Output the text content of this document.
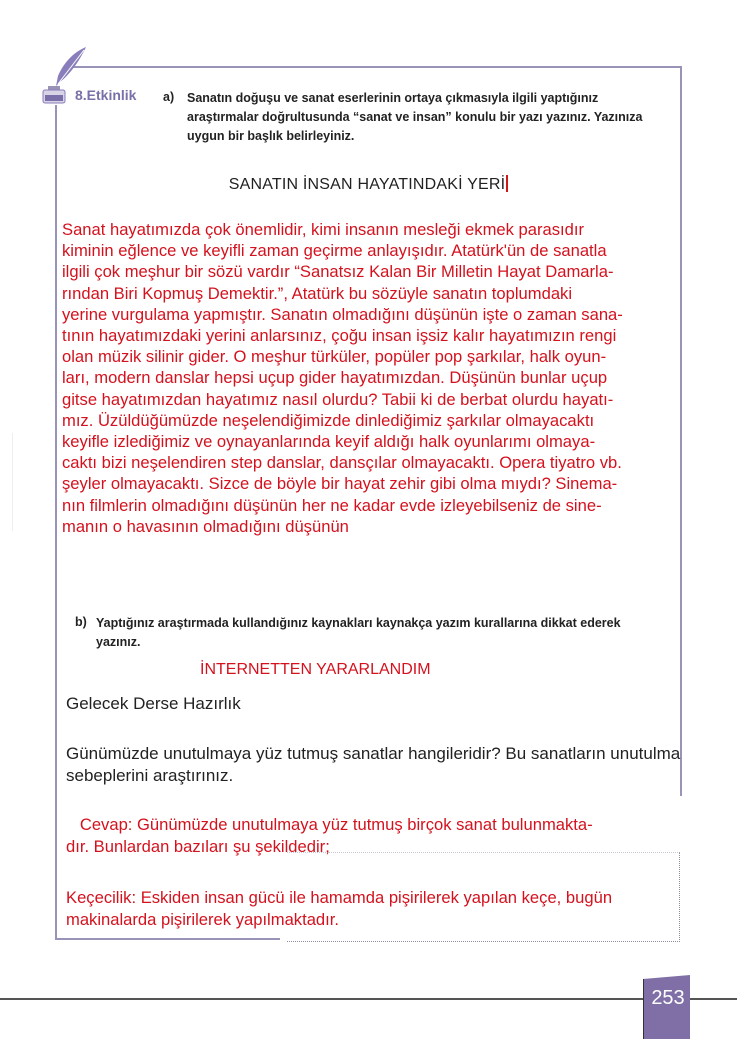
8.Etkinlik a) Sanatın doğuşu ve sanat eserlerinin ortaya çıkmasıyla ilgili yaptığınız araştırmalar doğrultusunda “sanat ve insan” konulu bir yazı yazınız. Yazınıza uygun bir başlık belirleyiniz.
SANATIN İNSAN HAYATINDAKİ YERİ
Sanat hayatımızda çok önemlidir, kimi insanın mesleği ekmek parasıdır
kiminin eğlence ve keyifli zaman geçirme anlayışıdır. Atatürk'ün de sanatla
ilgili çok meşhur bir sözü vardır “Sanatsız Kalan Bir Milletin Hayat Damarla-
rından Biri Kopmuş Demektir.”, Atatürk bu sözüyle sanatın toplumdaki
yerine vurgulama yapmıştır. Sanatın olmadığını düşünün işte o zaman sana-
tının hayatımızdaki yerini anlarsınız, çoğu insan işsiz kalır hayatımızın rengi
olan müzik silinir gider. O meşhur türküler, popüler pop şarkılar, halk oyun-
ları, modern danslar hepsi uçup gider hayatımızdan. Düşünün bunlar uçup
gitse hayatımızdan hayatımız nasıl olurdu? Tabii ki de berbat olurdu hayatı-
mız. Üzüldüğümüzde neşelendiğimizde dinlediğimiz şarkılar olmayacaktı
keyifle izlediğimiz ve oynayanlarında keyif aldığı halk oyunlarımı olmaya-
caktı bizi neşelendiren step danslar, dansçılar olmayacaktı. Opera tiyatro vb.
şeyler olmayacaktı. Sizce de böyle bir hayat zehir gibi olma mıydı? Sinema-
nın filmlerin olmadığını düşünün her ne kadar evde izleyebilseniz de sine-
manın o havasının olmadığını düşünün
b) Yaptığınız araştırmada kullandığınız kaynakları kaynakça yazım kurallarına dikkat ederek yazınız.
İNTERNETTEN YARARLANDIM
Gelecek Derse Hazırlık
Günümüzde unutulmaya yüz tutmuş sanatlar hangileridir? Bu sanatların unutulma sebeplerini araştırınız.
Cevap: Günümüzde unutulmaya yüz tutmuş birçok sanat bulunmakta-
dır. Bunlardan bazıları şu şekildedir;
Keçecilik: Eskiden insan gücü ile hamamda pişirilerek yapılan keçe, bugün
makinalarda pişirilerek yapılmaktadır.
253
